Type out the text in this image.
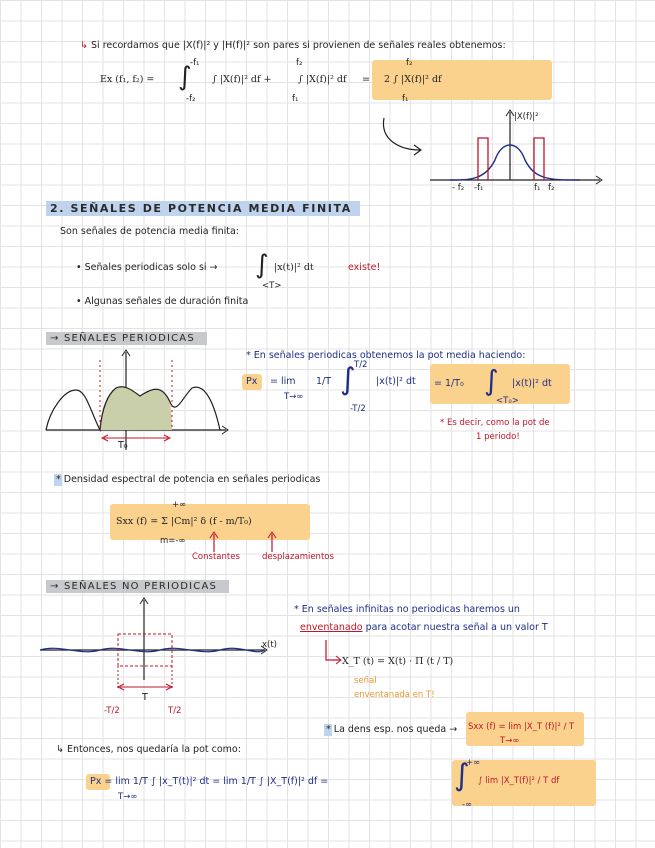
↳ Si recordamos que |X(f)|² y |H(f)|² son pares si provienen de señales reales obtenemos:
Ex (f₁, f₂) = ∫
-f₁
-f₂
∫ |X(f)|² df +
f₂
f₁
∫ |X(f)|² df = 2 ∫ |X(f)|² df
f₂
f₁
|X(f)|²
- f₂ -f₁	f₁ f₂
2. SEÑALES DE POTENCIA MEDIA FINITA
Son señales de potencia media finita:
• Señales periodicas solo si → ∫
<T>
|x(t)|² dt	existe!
• Algunas señales de duración finita
→ SEÑALES PERIODICAS
* En señales periodicas obtenemos la pot media haciendo:
T₀
Px = lim
T→∞
1/T ∫
T/2
-T/2
|x(t)|² dt = 1/T₀ ∫
<T₀>
|x(t)|² dt
* Es decir, como la pot de
1 periodo!
* Densidad espectral de potencia en señales periodicas
Sxx (f) = Σ |Cm|² δ (f - m/T₀)
+∞
m=-∞
Constantes	desplazamientos
→ SEÑALES NO PERIODICAS
* En señales infinitas no periodicas haremos un
enventanado para acotar nuestra señal a un valor T
x(t)
T
-T/2	T/2
X_T (t) = X(t) · Π (t / T)
señal
enventanada en T!
* La dens esp. nos queda → Sxx (f) = lim |X_T (f)|² / T
T→∞
↳ Entonces, nos quedaría la pot como:
Px = lim 1/T ∫ |x_T(t)|² dt = lim 1/T ∫ |X_T(f)|² df =
T→∞
∫
+∞
-∞
∫ lim |X_T(f)|² / T df
